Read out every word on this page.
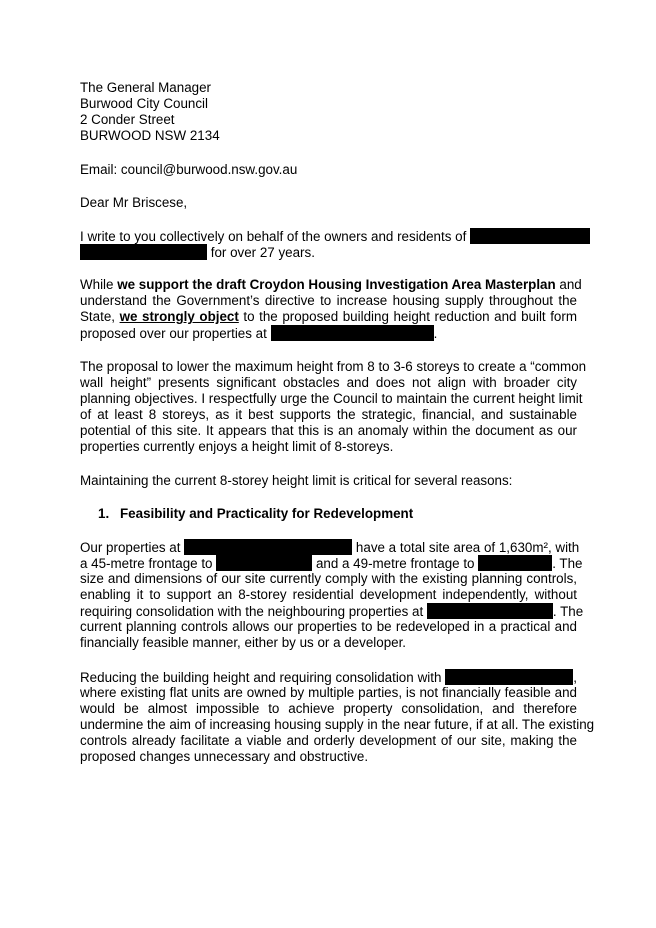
The General Manager
Burwood City Council
2 Conder Street
BURWOOD NSW 2134
Email: council@burwood.nsw.gov.au
Dear Mr Briscese,
I write to you collectively on behalf of the owners and residents of
for over 27 years.
While we support the draft Croydon Housing Investigation Area Masterplan and
understand the Government’s directive to increase housing supply throughout the
State, we strongly object to the proposed building height reduction and built form
proposed over our properties at	.
The proposal to lower the maximum height from 8 to 3-6 storeys to create a “common
wall height” presents significant obstacles and does not align with broader city
planning objectives. I respectfully urge the Council to maintain the current height limit
of at least 8 storeys, as it best supports the strategic, financial, and sustainable
potential of this site. It appears that this is an anomaly within the document as our
properties currently enjoys a height limit of 8-storeys.
Maintaining the current 8-storey height limit is critical for several reasons:
1. Feasibility and Practicality for Redevelopment
Our properties at	have a total site area of 1,630m², with
a 45-metre frontage to	and a 49-metre frontage to	. The
size and dimensions of our site currently comply with the existing planning controls,
enabling it to support an 8-storey residential development independently, without
requiring consolidation with the neighbouring properties at	. The
current planning controls allows our properties to be redeveloped in a practical and
financially feasible manner, either by us or a developer.
Reducing the building height and requiring consolidation with	,
where existing flat units are owned by multiple parties, is not financially feasible and
would be almost impossible to achieve property consolidation, and therefore
undermine the aim of increasing housing supply in the near future, if at all. The existing
controls already facilitate a viable and orderly development of our site, making the
proposed changes unnecessary and obstructive.
